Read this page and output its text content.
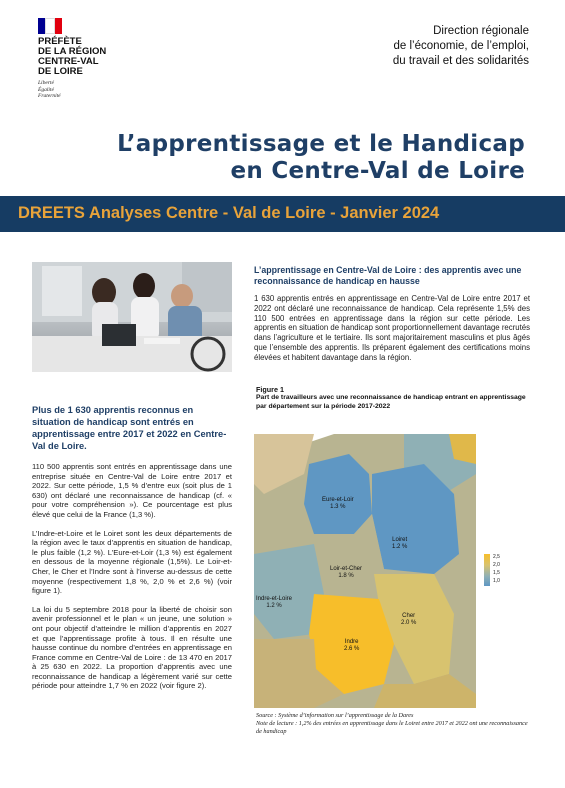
PRÉFÈTE
DE LA RÉGION
CENTRE-VAL
DE LOIRE
Liberté
Égalité
Fraternité
Direction régionale
de l’économie, de l’emploi,
du travail et des solidarités
L’apprentissage et le Handicap
en Centre-Val de Loire
DREETS Analyses Centre - Val de Loire - Janvier 2024
Plus de 1 630 apprentis reconnus en situation de handicap sont entrés en apprentissage entre 2017 et 2022 en Centre-Val de Loire.

110 500 apprentis sont entrés en apprentissage dans une entreprise située en Centre-Val de Loire entre 2017 et 2022. Sur cette période, 1,5 % d’entre eux (soit plus de 1 630) ont déclaré une reconnaissance de handicap (cf. « pour votre compréhension »). Ce pourcentage est plus élevé que celui de la France (1,3 %).

L’Indre-et-Loire et le Loiret sont les deux départements de la région avec le taux d’apprentis en situation de handicap, le plus faible (1,2 %). L’Eure-et-Loir (1,3 %) est également en dessous de la moyenne régionale (1,5%). Le Loir-et-Cher, le Cher et l’Indre sont à l’inverse au-dessus de cette moyenne (respectivement 1,8 %, 2,0 % et 2,6 %) (voir figure 1).

La loi du 5 septembre 2018 pour la liberté de choisir son avenir professionnel et le plan « un jeune, une solution » ont pour objectif d’atteindre le million d’apprentis en 2027 et que l’apprentissage profite à tous. Il en résulte une hausse continue du nombre d’entrées en apprentissage en France comme en Centre-Val de Loire : de 13 470 en 2017 à 25 630 en 2022. La proportion d’apprentis avec une reconnaissance de handicap a légèrement varié sur cette période pour atteindre 1,7 % en 2022 (voir figure 2).

L’apprentissage en Centre-Val de Loire : des apprentis avec une reconnaissance de handicap en hausse
1 630 apprentis entrés en apprentissage en Centre-Val de Loire entre 2017 et 2022 ont déclaré une reconnaissance de handicap. Cela représente 1,5% des 110 500 entrées en apprentissage dans la région sur cette période. Les apprentis en situation de handicap sont proportionnellement davantage recrutés dans l’agriculture et le tertiaire. Ils sont majoritairement masculins et plus âgés que l’ensemble des apprentis. Ils préparent également des certifications moins élevées et habitent davantage dans la région.
Figure 1
Part de travailleurs avec une reconnaissance de handicap entrant en apprentissage par département sur la période 2017-2022
Eure-et-Loir
1.3 %
Loiret
1.2 %
Loir-et-Cher
1.8 %
Indre-et-Loire
1.2 %
Cher
2.0 %
Indre
2.6 %
2,5
2,0
1,5
1,0
Source : Système d’information sur l’apprentissage de la Dares
Note de lecture : 1,2% des entrées en apprentissage dans le Loiret entre 2017 et 2022 ont une reconnaissance de handicap
